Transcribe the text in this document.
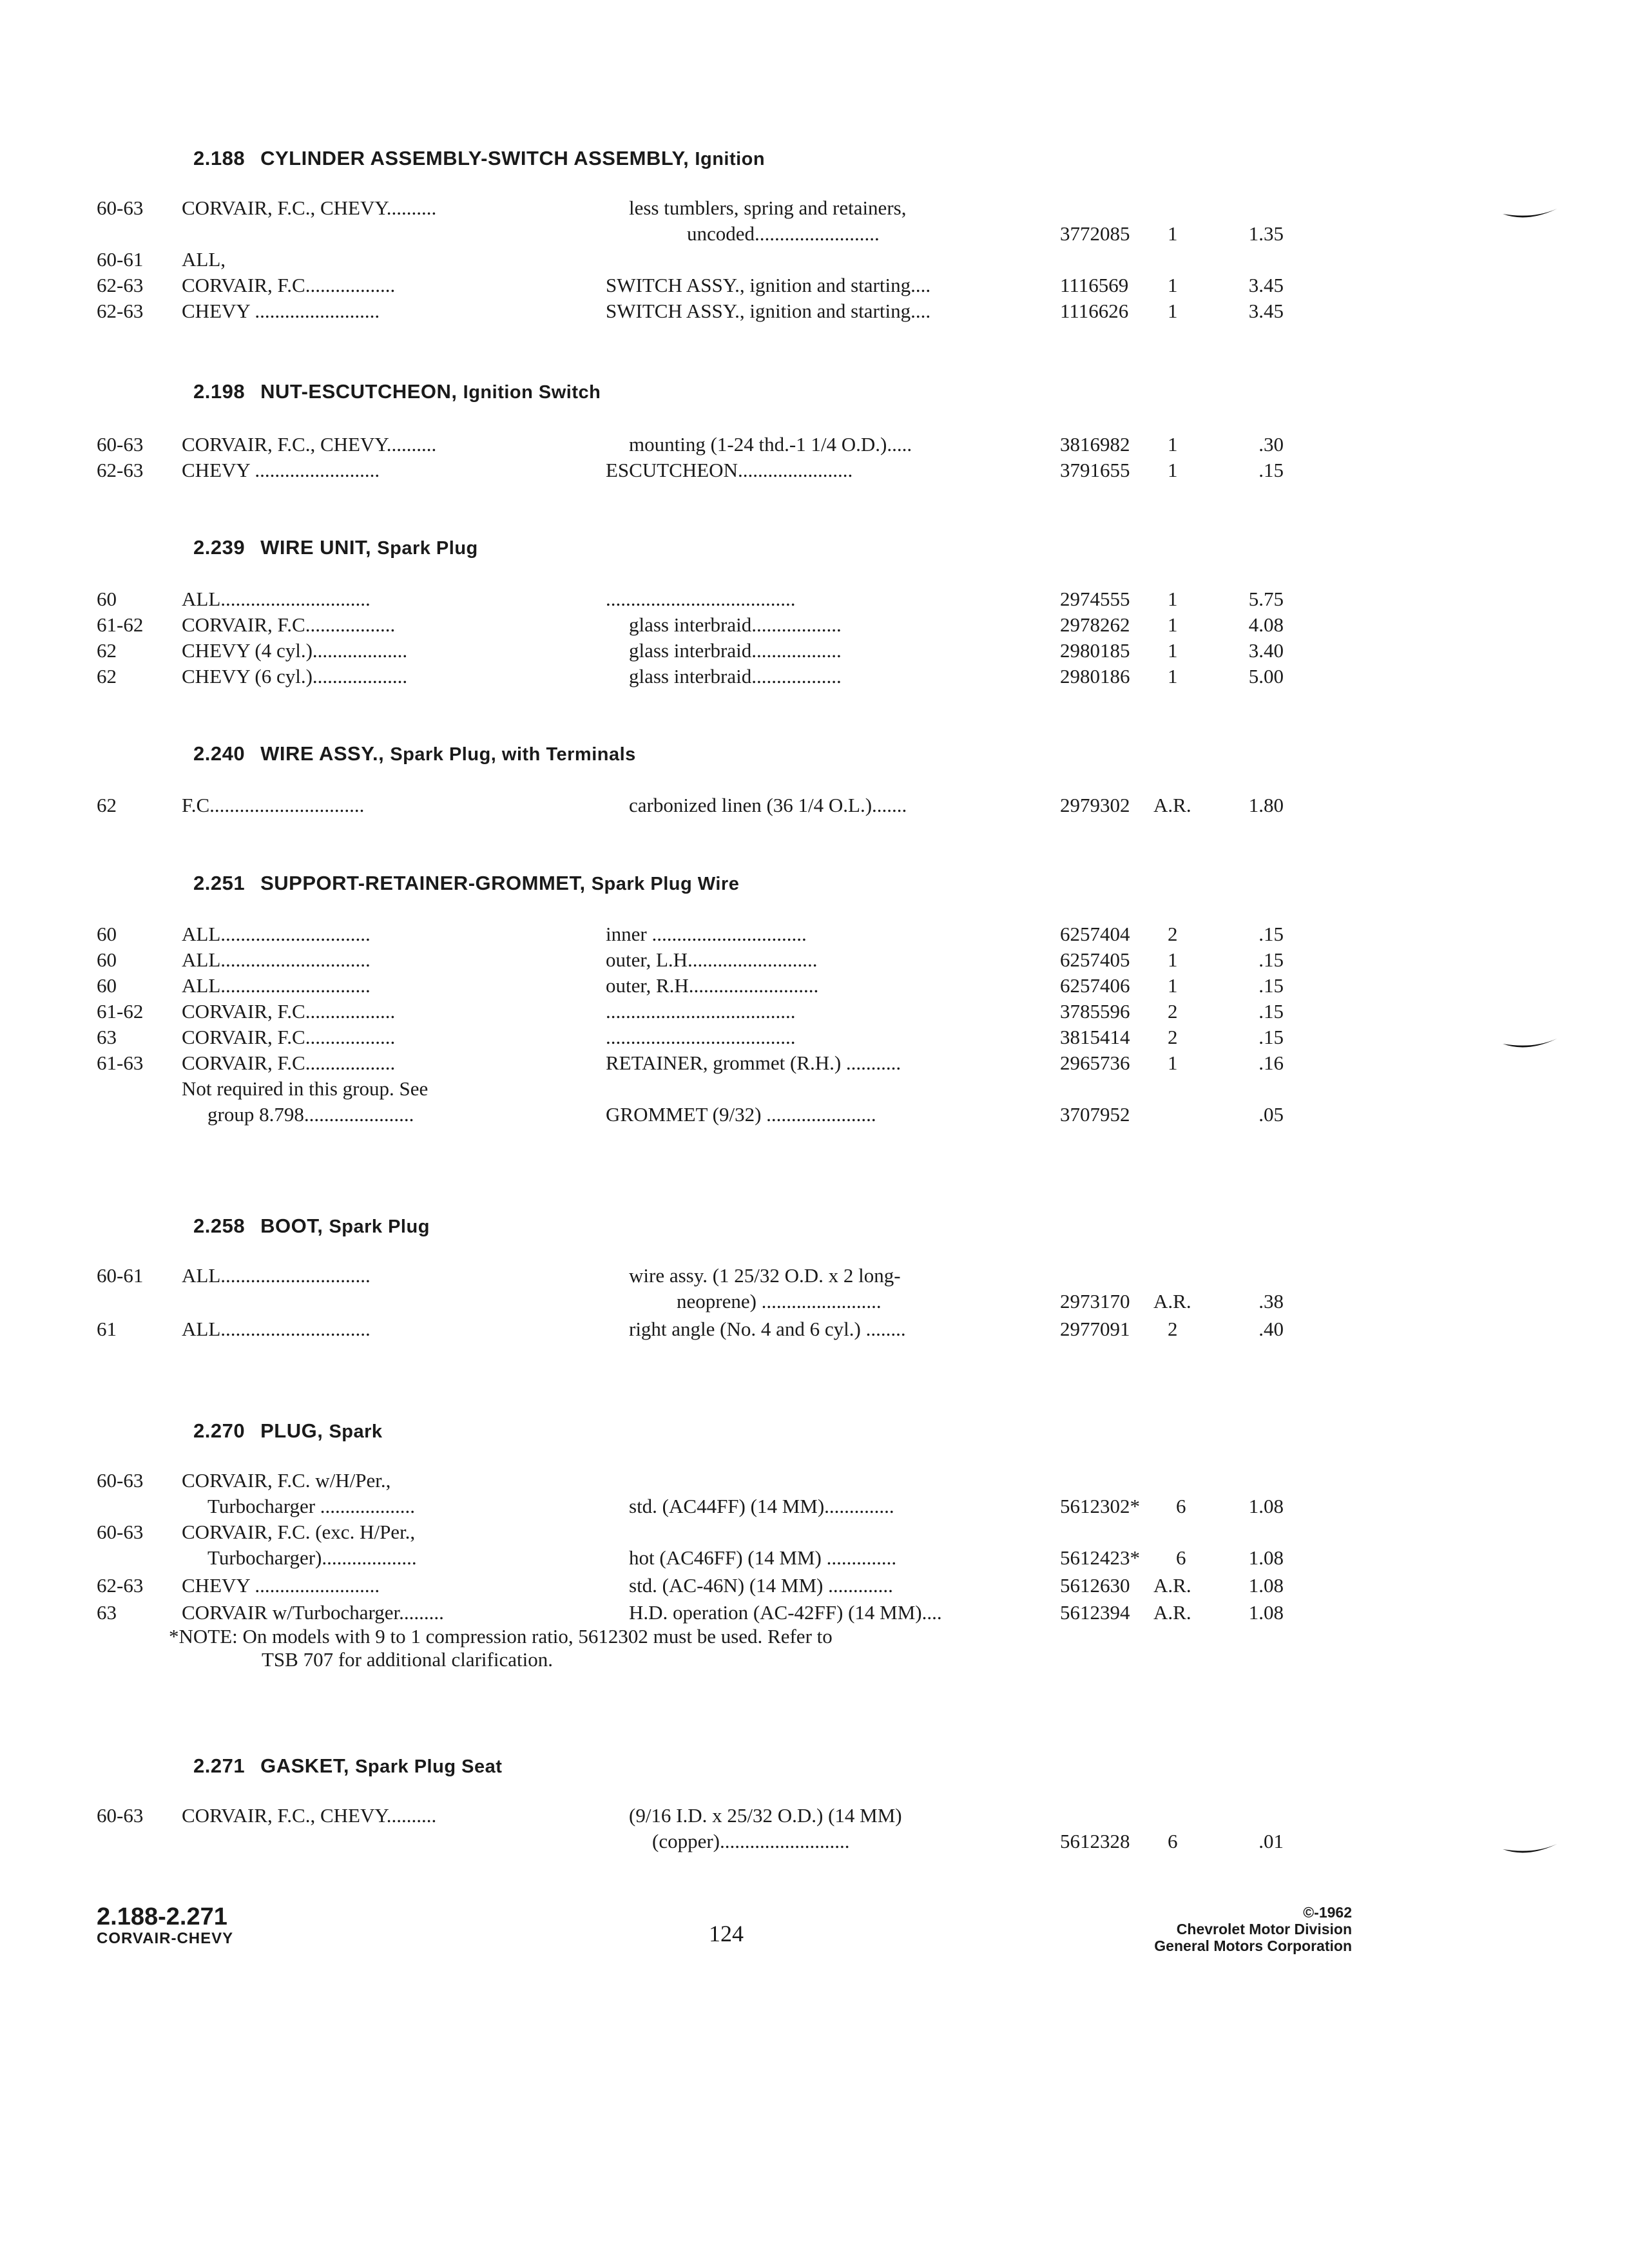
2.188 CYLINDER ASSEMBLY-SWITCH ASSEMBLY, Ignition
60-63 CORVAIR, F.C., CHEVY..........	less tumblers, spring and retainers,
uncoded.........................	3772085 1	1.35
60-61 ALL,
62-63 CORVAIR, F.C..................	SWITCH ASSY., ignition and starting....	1116569 1	3.45
62-63 CHEVY .........................	SWITCH ASSY., ignition and starting....	1116626 1	3.45
2.198 NUT-ESCUTCHEON, Ignition Switch
60-63 CORVAIR, F.C., CHEVY..........	mounting (1-24 thd.-1 1/4 O.D.).....	3816982 1	.30
62-63 CHEVY .........................	ESCUTCHEON.......................	3791655 1	.15
2.239 WIRE UNIT, Spark Plug
60	ALL..............................	......................................	2974555 1	5.75
61-62 CORVAIR, F.C..................	glass interbraid..................	2978262 1	4.08
62	CHEVY (4 cyl.)...................	glass interbraid..................	2980185 1	3.40
62	CHEVY (6 cyl.)...................	glass interbraid..................	2980186 1	5.00
2.240 WIRE ASSY., Spark Plug, with Terminals
62	F.C...............................	carbonized linen (36 1/4 O.L.).......	2979302 A.R.	1.80
2.251 SUPPORT-RETAINER-GROMMET, Spark Plug Wire
60	ALL..............................	inner ...............................	6257404 2	.15
60	ALL..............................	outer, L.H..........................	6257405 1	.15
60	ALL..............................	outer, R.H..........................	6257406 1	.15
61-62 CORVAIR, F.C..................	......................................	3785596 2	.15
63	CORVAIR, F.C..................	......................................	3815414 2	.15
61-63 CORVAIR, F.C..................	RETAINER, grommet (R.H.) ...........	2965736 1	.16
Not required in this group. See
group 8.798......................	GROMMET (9/32) ......................	3707952	.05
2.258 BOOT, Spark Plug
60-61 ALL..............................	wire assy. (1 25/32 O.D. x 2 long-
neoprene) ........................	2973170 A.R.	.38
61	ALL..............................	right angle (No. 4 and 6 cyl.) ........	2977091 2	.40
2.270 PLUG, Spark
60-63 CORVAIR, F.C. w/H/Per.,
Turbocharger ...................	std. (AC44FF) (14 MM)..............	5612302* 6	1.08
60-63 CORVAIR, F.C. (exc. H/Per.,
Turbocharger)...................	hot (AC46FF) (14 MM) ..............	5612423* 6	1.08
62-63 CHEVY .........................	std. (AC-46N) (14 MM) .............	5612630 A.R.	1.08
63	CORVAIR w/Turbocharger.........	H.D. operation (AC-42FF) (14 MM)....	5612394 A.R.	1.08
*NOTE: On models with 9 to 1 compression ratio, 5612302 must be used. Refer to
TSB 707 for additional clarification.
2.271 GASKET, Spark Plug Seat
60-63 CORVAIR, F.C., CHEVY..........	(9/16 I.D. x 25/32 O.D.) (14 MM)
(copper)..........................	5612328 6	.01
2.188-2.271
CORVAIR-CHEVY	124
©-1962
Chevrolet Motor Division
General Motors Corporation
